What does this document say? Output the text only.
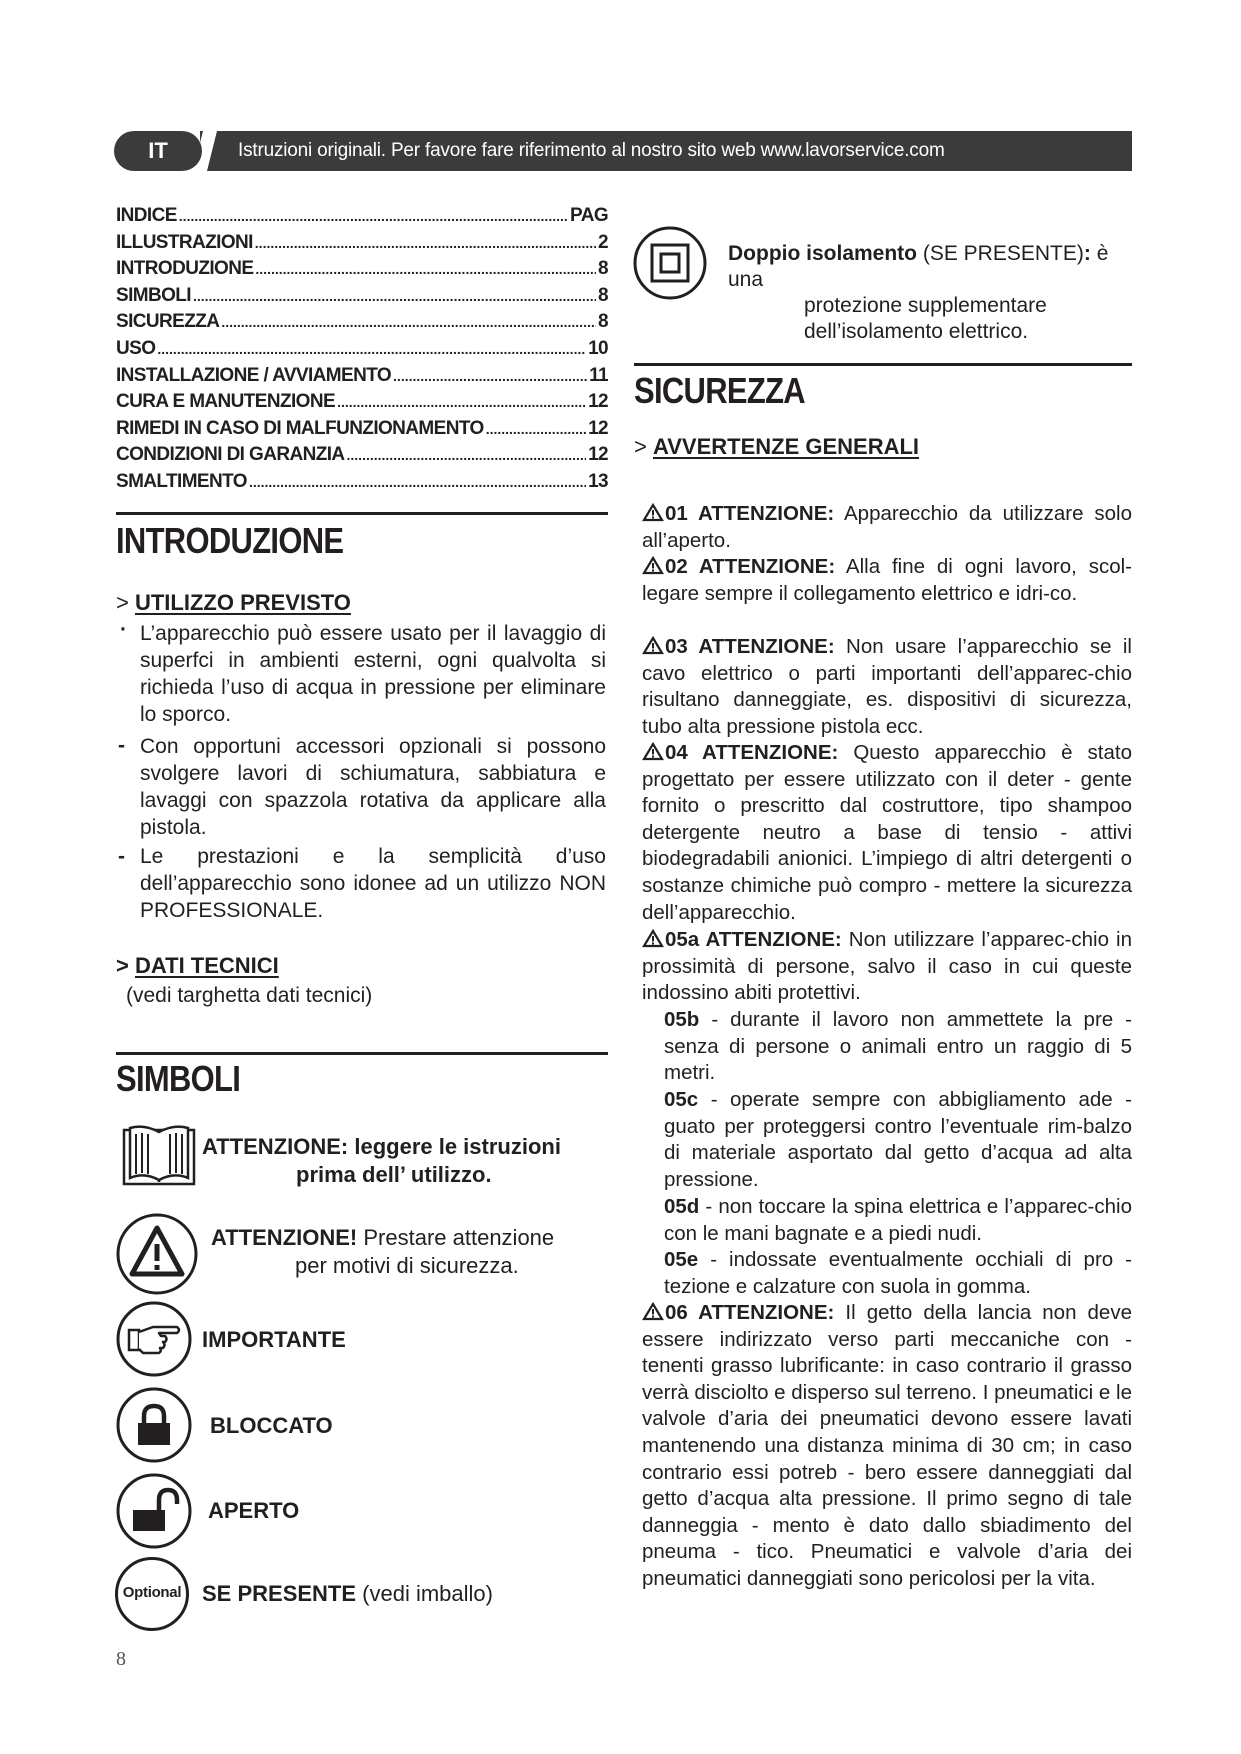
IT	Istruzioni originali. Per favore fare riferimento al nostro sito web www.lavorservice.com
INDICE .....	PAG
ILLUSTRAZIONI .....	2
INTRODUZIONE .....	8
SIMBOLI .....	8
SICUREZZA .....	8
USO .....	10
INSTALLAZIONE / AVVIAMENTO .....	11
CURA E MANUTENZIONE .....	12
RIMEDI IN CASO DI MALFUNZIONAMENTO .....	12
CONDIZIONI DI GARANZIA .....	12
SMALTIMENTO .....	13
INTRODUZIONE
> UTILIZZO PREVISTO
· L’apparecchio può essere usato per il lavaggio di superfci in ambienti esterni, ogni qualvolta si richieda l’uso di acqua in pressione per eliminare lo sporco.
- Con opportuni accessori opzionali si possono svolgere lavori di schiumatura, sabbiatura e lavaggi con spazzola rotativa da applicare alla pistola.
- Le prestazioni e la semplicità d’uso dell’apparecchio sono idonee ad un utilizzo NON PROFESSIONALE.
> DATI TECNICI
(vedi targhetta dati tecnici)
SIMBOLI
ATTENZIONE: leggere le istruzioni
prima dell’ utilizzo.
ATTENZIONE! Prestare attenzione
per motivi di sicurezza.
IMPORTANTE
BLOCCATO
APERTO
Optional SE PRESENTE (vedi imballo)
8
Doppio isolamento (SE PRESENTE): è una
protezione supplementare
dell’isolamento elettrico.
SICUREZZA
> AVVERTENZE GENERALI
01 ATTENZIONE: Apparecchio da utilizzare solo all’aperto.
02 ATTENZIONE: Alla fine di ogni lavoro, scol-legare sempre il collegamento elettrico e idri-co.
03 ATTENZIONE: Non usare l’apparecchio se il cavo elettrico o parti importanti dell’apparec-chio risultano danneggiate, es. dispositivi di sicurezza, tubo alta pressione pistola ecc.
04 ATTENZIONE: Questo apparecchio è stato progettato per essere utilizzato con il deter - gente fornito o prescritto dal costruttore, tipo shampoo detergente neutro a base di tensio - attivi biodegradabili anionici. L’impiego di altri detergenti o sostanze chimiche può compro - mettere la sicurezza dell’apparecchio.
05a ATTENZIONE: Non utilizzare l’apparec-chio in prossimità di persone, salvo il caso in cui queste indossino abiti protettivi.
05b - durante il lavoro non ammettete la pre - senza di persone o animali entro un raggio di 5 metri.
05c - operate sempre con abbigliamento ade - guato per proteggersi contro l’eventuale rim-balzo di materiale asportato dal getto d’acqua ad alta pressione.
05d - non toccare la spina elettrica e l’apparec-chio con le mani bagnate e a piedi nudi.
05e - indossate eventualmente occhiali di pro - tezione e calzature con suola in gomma.
06 ATTENZIONE: Il getto della lancia non deve essere indirizzato verso parti meccaniche con - tenenti grasso lubrificante: in caso contrario il grasso verrà disciolto e disperso sul terreno. I pneumatici e le valvole d’aria dei pneumatici devono essere lavati mantenendo una distanza minima di 30 cm; in caso contrario essi potreb - bero essere danneggiati dal getto d’acqua alta pressione. Il primo segno di tale danneggia - mento è dato dallo sbiadimento del pneuma - tico. Pneumatici e valvole d’aria dei pneumatici danneggiati sono pericolosi per la vita.
